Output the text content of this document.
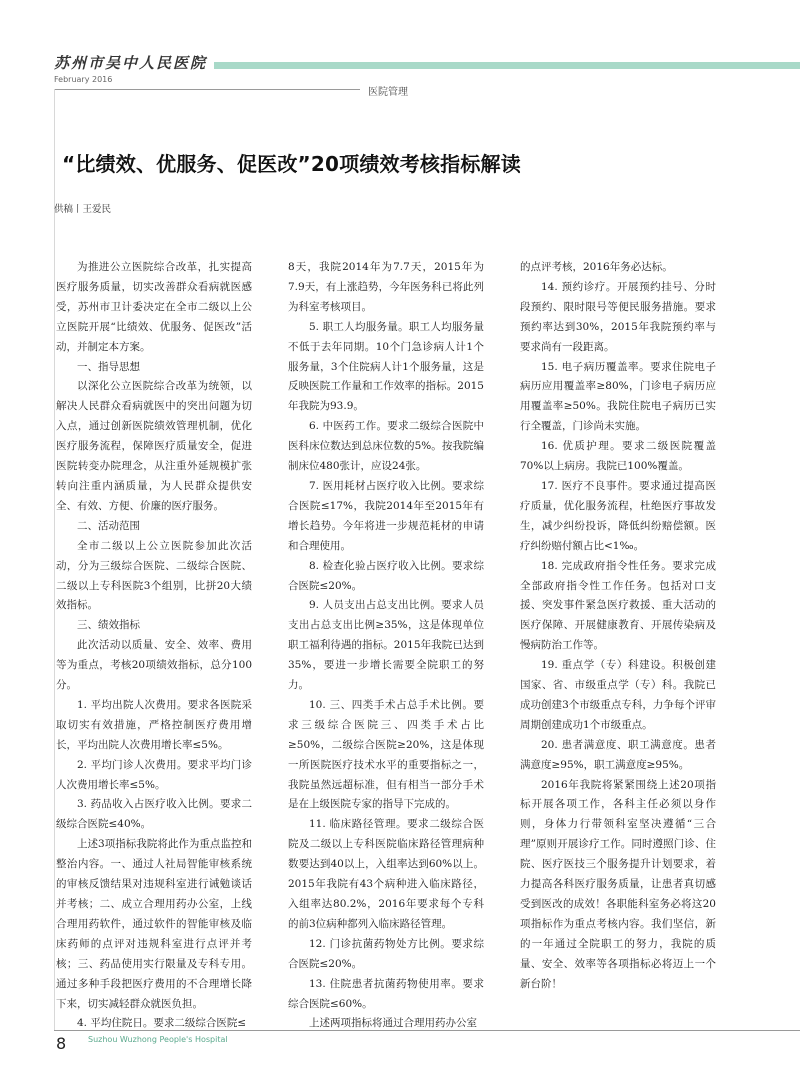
苏州市吴中人民医院
February 2016
医院管理
“比绩效、优服务、促医改”20项绩效考核指标解读
供稿丨王爱民

为推进公立医院综合改革，扎实提高医疗服务质量，切实改善群众看病就医感受，苏州市卫计委决定在全市二级以上公立医院开展“比绩效、优服务、促医改”活动，并制定本方案。

一、指导思想

以深化公立医院综合改革为统领，以解决人民群众看病就医中的突出问题为切入点，通过创新医院绩效管理机制，优化医疗服务流程，保障医疗质量安全，促进医院转变办院理念，从注重外延规模扩张转向注重内涵质量，为人民群众提供安全、有效、方便、价廉的医疗服务。

二、活动范围

全市二级以上公立医院参加此次活动，分为三级综合医院、二级综合医院、二级以上专科医院3个组别，比拼20大绩效指标。

三、绩效指标

此次活动以质量、安全、效率、费用等为重点，考核20项绩效指标，总分100分。

1. 平均出院人次费用。要求各医院采取切实有效措施，严格控制医疗费用增长，平均出院人次费用增长率≤5%。

2. 平均门诊人次费用。要求平均门诊人次费用增长率≤5%。

3. 药品收入占医疗收入比例。要求二级综合医院≤40%。

上述3项指标我院将此作为重点监控和整治内容。一、通过人社局智能审核系统的审核反馈结果对违规科室进行诫勉谈话并考核；二、成立合理用药办公室，上线合理用药软件，通过软件的智能审核及临床药师的点评对违规科室进行点评并考核；三、药品使用实行限量及专科专用。通过多种手段把医疗费用的不合理增长降下来，切实减轻群众就医负担。

4. 平均住院日。要求二级综合医院≤

8天，我院2014年为7.7天，2015年为7.9天，有上涨趋势，今年医务科已将此列为科室考核项目。

5. 职工人均服务量。职工人均服务量不低于去年同期。10个门急诊病人计1个服务量，3个住院病人计1个服务量，这是反映医院工作量和工作效率的指标。2015年我院为93.9。

6. 中医药工作。要求二级综合医院中医科床位数达到总床位数的5%。按我院编制床位480张计，应设24张。

7. 医用耗材占医疗收入比例。要求综合医院≤17%，我院2014年至2015年有增长趋势。今年将进一步规范耗材的申请和合理使用。

8. 检查化验占医疗收入比例。要求综合医院≤20%。

9. 人员支出占总支出比例。要求人员支出占总支出比例≥35%，这是体现单位职工福利待遇的指标。2015年我院已达到35%，要进一步增长需要全院职工的努力。

10. 三、四类手术占总手术比例。要求三级综合医院三、四类手术占比≥50%，二级综合医院≥20%，这是体现一所医院医疗技术水平的重要指标之一，我院虽然远超标准，但有相当一部分手术是在上级医院专家的指导下完成的。

11. 临床路径管理。要求二级综合医院及二级以上专科医院临床路径管理病种数要达到40以上，入组率达到60%以上。2015年我院有43个病种进入临床路径，入组率达80.2%，2016年要求每个专科的前3位病种都列入临床路径管理。

12. 门诊抗菌药物处方比例。要求综合医院≤20%。

13. 住院患者抗菌药物使用率。要求综合医院≤60%。

上述两项指标将通过合理用药办公室

的点评考核，2016年务必达标。

14. 预约诊疗。开展预约挂号、分时段预约、限时限号等便民服务措施。要求预约率达到30%，2015年我院预约率与要求尚有一段距离。

15. 电子病历覆盖率。要求住院电子病历应用覆盖率≥80%，门诊电子病历应用覆盖率≥50%。我院住院电子病历已实行全覆盖，门诊尚未实施。

16. 优质护理。要求二级医院覆盖70%以上病房。我院已100%覆盖。

17. 医疗不良事件。要求通过提高医疗质量，优化服务流程，杜绝医疗事故发生，减少纠纷投诉，降低纠纷赔偿额。医疗纠纷赔付额占比<1‰。

18. 完成政府指令性任务。要求完成全部政府指令性工作任务。包括对口支援、突发事件紧急医疗救援、重大活动的医疗保障、开展健康教育、开展传染病及慢病防治工作等。

19. 重点学（专）科建设。积极创建国家、省、市级重点学（专）科。我院已成功创建3个市级重点专科，力争每个评审周期创建成功1个市级重点。

20. 患者满意度、职工满意度。患者满意度≥95%，职工满意度≥95%。

2016年我院将紧紧围绕上述20项指标开展各项工作，各科主任必须以身作则，身体力行带领科室坚决遵循“三合理”原则开展诊疗工作。同时遵照门诊、住院、医疗医技三个服务提升计划要求，着力提高各科医疗服务质量，让患者真切感受到医改的成效！各职能科室务必将这20项指标作为重点考核内容。我们坚信，新的一年通过全院职工的努力，我院的质量、安全、效率等各项指标必将迈上一个新台阶！

8	Suzhou Wuzhong People's Hospital
